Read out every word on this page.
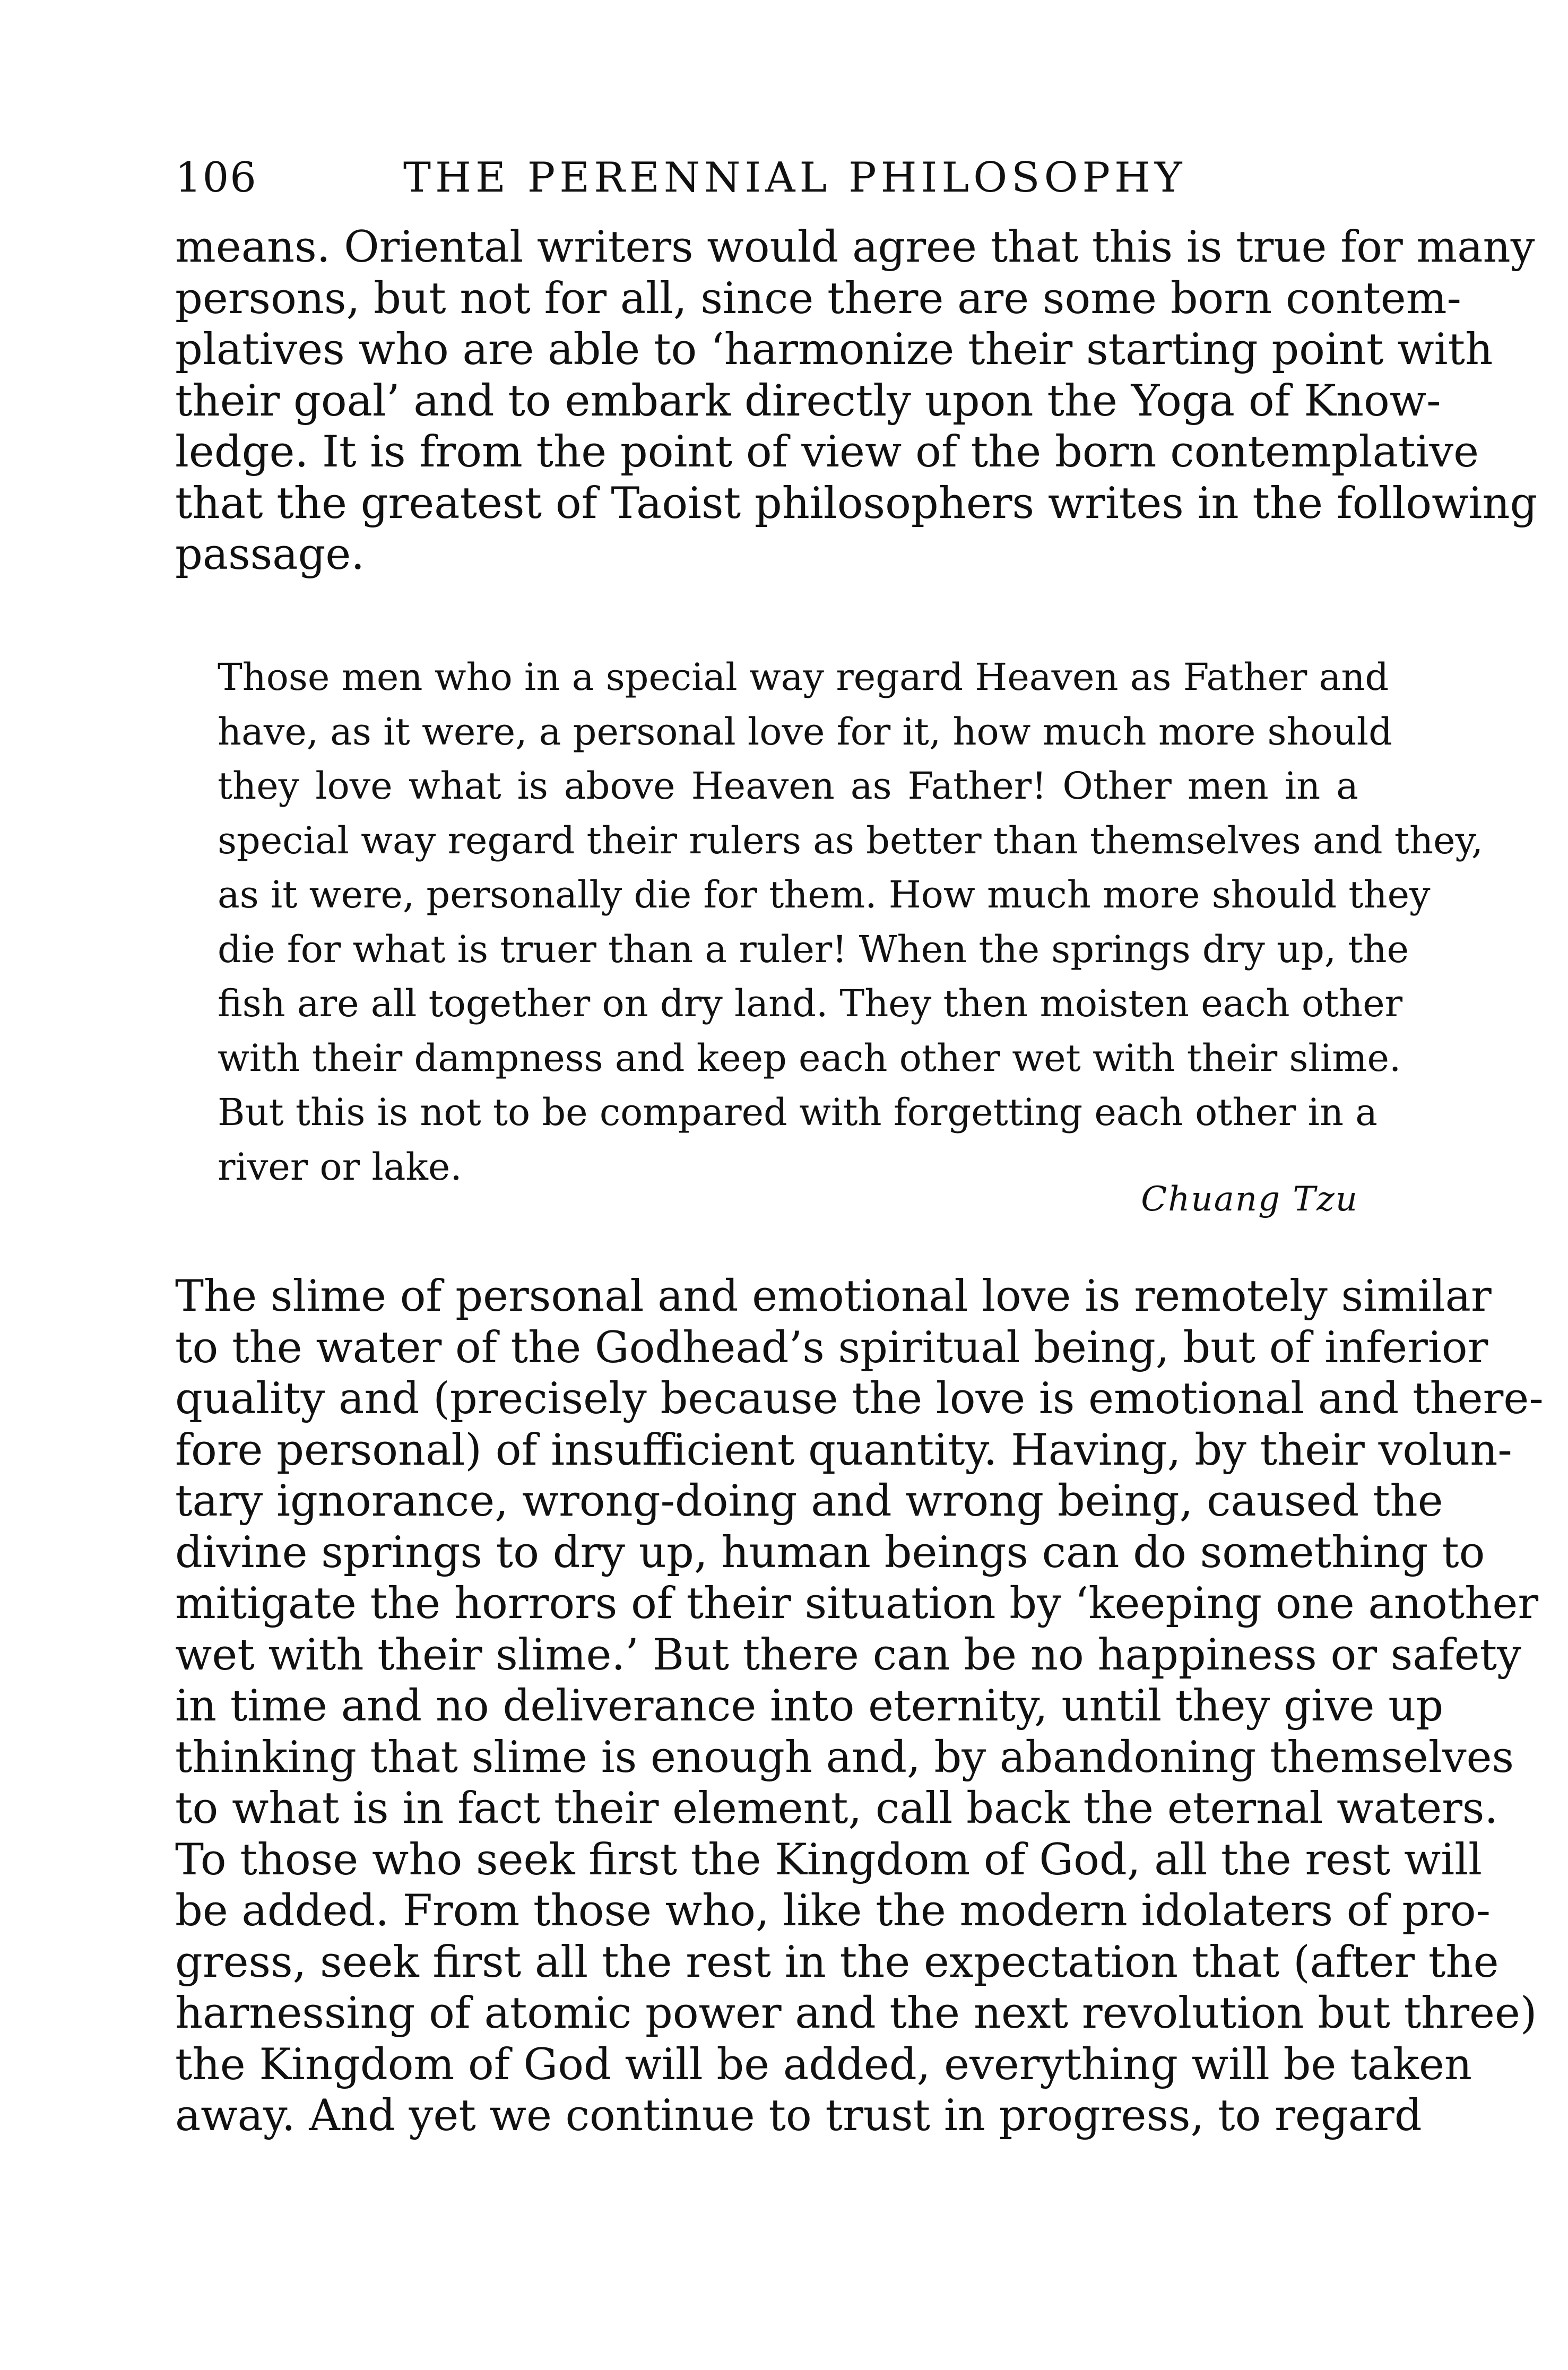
106	THE PERENNIAL PHILOSOPHY
means. Oriental writers would agree that this is true for many
persons, but not for all, since there are some born contem-
platives who are able to ‘harmonize their starting point with
their goal’ and to embark directly upon the Yoga of Know-
ledge. It is from the point of view of the born contemplative
that the greatest of Taoist philosophers writes in the following
passage.
Those men who in a special way regard Heaven as Father and
have, as it were, a personal love for it, how much more should
they love what is above Heaven as Father! Other men in a
special way regard their rulers as better than themselves and they,
as it were, personally die for them. How much more should they
die for what is truer than a ruler! When the springs dry up, the
fish are all together on dry land. They then moisten each other
with their dampness and keep each other wet with their slime.
But this is not to be compared with forgetting each other in a
river or lake.
Chuang Tzu
The slime of personal and emotional love is remotely similar
to the water of the Godhead’s spiritual being, but of inferior
quality and (precisely because the love is emotional and there-
fore personal) of insufficient quantity. Having, by their volun-
tary ignorance, wrong-doing and wrong being, caused the
divine springs to dry up, human beings can do something to
mitigate the horrors of their situation by ‘keeping one another
wet with their slime.’ But there can be no happiness or safety
in time and no deliverance into eternity, until they give up
thinking that slime is enough and, by abandoning themselves
to what is in fact their element, call back the eternal waters.
To those who seek first the Kingdom of God, all the rest will
be added. From those who, like the modern idolaters of pro-
gress, seek first all the rest in the expectation that (after the
harnessing of atomic power and the next revolution but three)
the Kingdom of God will be added, everything will be taken
away. And yet we continue to trust in progress, to regard
